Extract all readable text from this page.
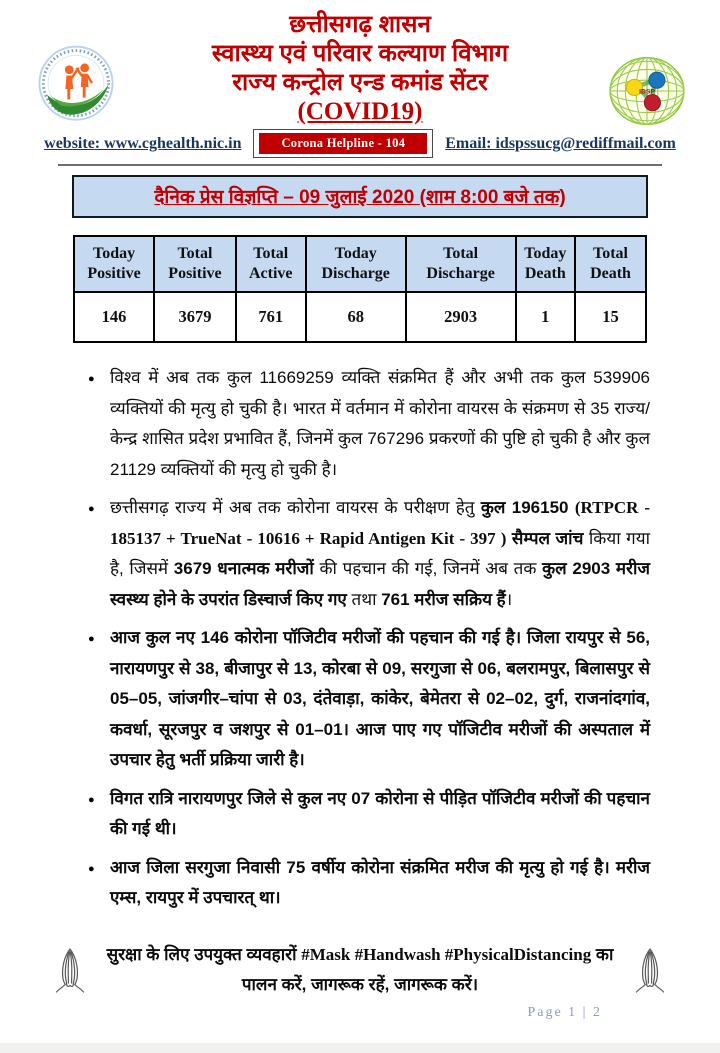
IDSP
छत्तीसगढ़ शासन
स्वास्थ्य एवं परिवार कल्याण विभाग
राज्य कन्ट्रोल एन्ड कमांड सेंटर
(COVID19)
website: www.cghealth.nic.in	Corona Helpline - 104	Email: idspssucg@rediffmail.com
दैनिक प्रेस विज्ञप्ति – 09 जुलाई 2020 (शाम 8:00 बजे तक)
Today Positive	Total Positive	Total Active	Today Discharge	Total Discharge	Today Death	Total Death
146	3679	761	68	2903	1	15
● विश्व में अब तक कुल 11669259 व्यक्ति संक्रमित हैं और अभी तक कुल 539906 व्यक्तियों की मृत्यु हो चुकी है। भारत में वर्तमान में कोरोना वायरस के संक्रमण से 35 राज्य/केन्द्र शासित प्रदेश प्रभावित हैं, जिनमें कुल 767296 प्रकरणों की पुष्टि हो चुकी है और कुल 21129 व्यक्तियों की मृत्यु हो चुकी है।
● छत्तीसगढ़ राज्य में अब तक कोरोना वायरस के परीक्षण हेतु कुल 196150 (RTPCR - 185137 + TrueNat - 10616 + Rapid Antigen Kit - 397 ) सैम्पल जांच किया गया है, जिसमें 3679 धनात्मक मरीजों की पहचान की गई, जिनमें अब तक कुल 2903 मरीज स्वस्थ्य होने के उपरांत डिस्चार्ज किए गए तथा 761 मरीज सक्रिय हैं।
● आज कुल नए 146 कोरोना पॉजिटीव मरीजों की पहचान की गई है। जिला रायपुर से 56, नारायणपुर से 38, बीजापुर से 13, कोरबा से 09, सरगुजा से 06, बलरामपुर, बिलासपुर से 05–05, जांजगीर–चांपा से 03, दंतेवाड़ा, कांकेर, बेमेतरा से 02–02, दुर्ग, राजनांदगांव, कवर्धा, सूरजपुर व जशपुर से 01–01। आज पाए गए पॉजिटीव मरीजों की अस्पताल में उपचार हेतु भर्ती प्रक्रिया जारी है।
● विगत रात्रि नारायणपुर जिले से कुल नए 07 कोरोना से पीड़ित पॉजिटीव मरीजों की पहचान की गई थी।
● आज जिला सरगुजा निवासी 75 वर्षीय कोरोना संक्रमित मरीज की मृत्यु हो गई है। मरीज एम्स, रायपुर में उपचारत् था।
सुरक्षा के लिए उपयुक्त व्यवहारों #Mask #Handwash #PhysicalDistancing का पालन करें, जागरूक रहें, जागरूक करें।
Page 1 | 2
